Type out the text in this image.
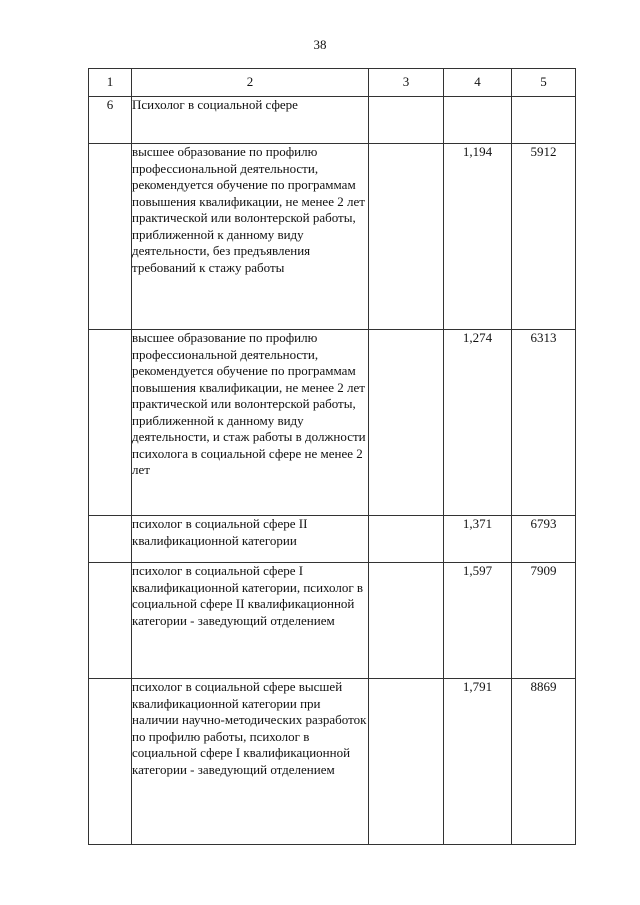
38
1	2	3	4	5
6	Психолог в социальной сфере			
	высшее образование по профилю профессиональной деятельности, рекомендуется обучение по программам повышения квалификации, не менее 2 лет практической или волонтерской работы, приближенной к данному виду деятельности, без предъявления требований к стажу работы		1,194	5912
	высшее образование по профилю профессиональной деятельности, рекомендуется обучение по программам повышения квалификации, не менее 2 лет практической или волонтерской работы, приближенной к данному виду деятельности, и стаж работы в должности психолога в социальной сфере не менее 2 лет		1,274	6313
	психолог в социальной сфере II квалификационной категории		1,371	6793
	психолог в социальной сфере I квалификационной категории, психолог в социальной сфере II квалификационной категории - заведующий отделением		1,597	7909
	психолог в социальной сфере высшей квалификационной категории при наличии научно-методических разработок по профилю работы, психолог в социальной сфере I квалификационной категории - заведующий отделением		1,791	8869
